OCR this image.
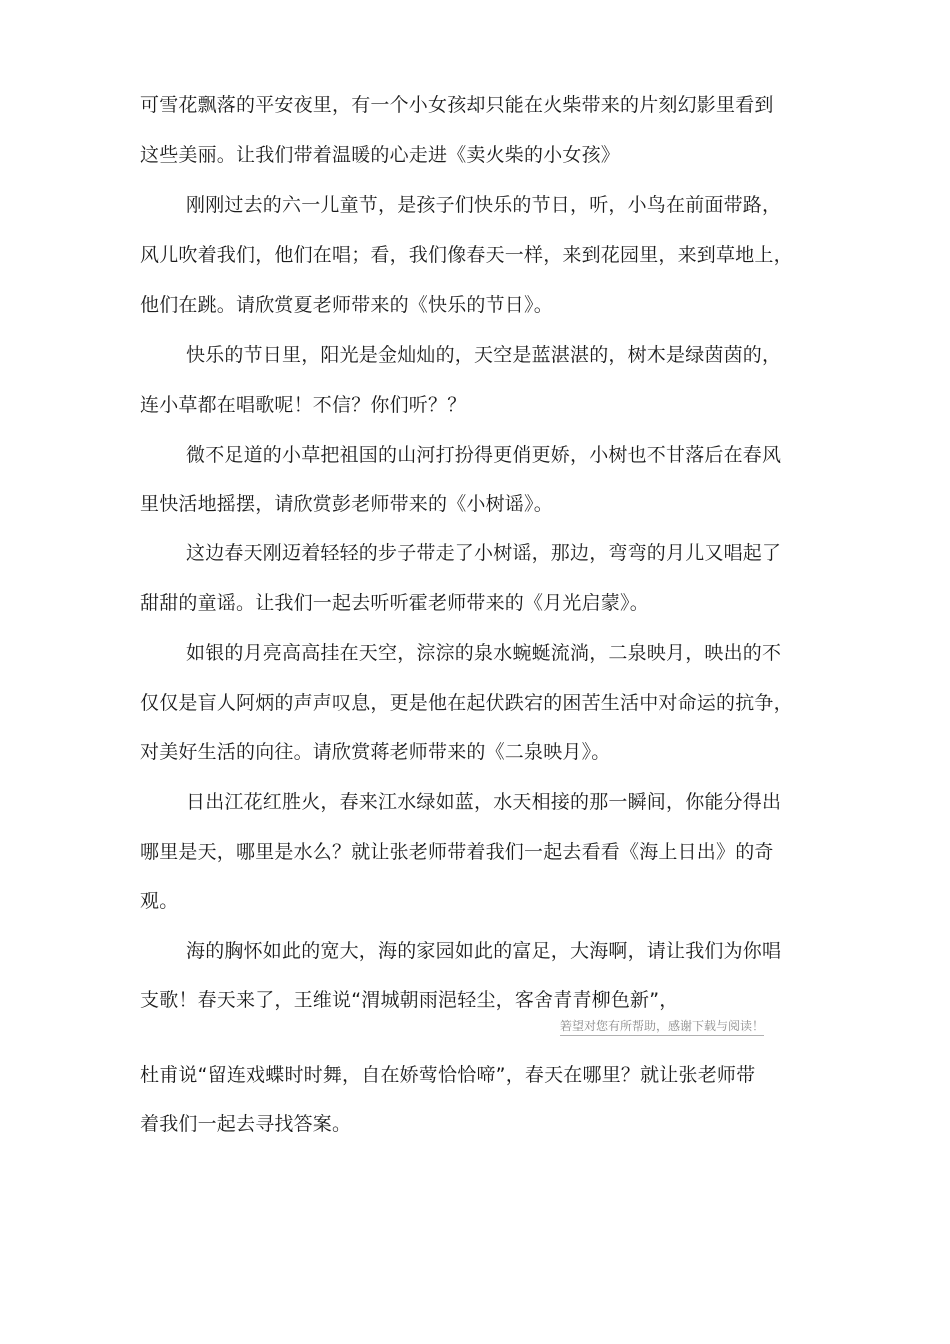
可雪花飘落的平安夜里，有一个小女孩却只能在火柴带来的片刻幻影里看到
这些美丽。让我们带着温暖的心走进《卖火柴的小女孩》
刚刚过去的六一儿童节，是孩子们快乐的节日，听，小鸟在前面带路，
风儿吹着我们，他们在唱；看，我们像春天一样，来到花园里，来到草地上，
他们在跳。请欣赏夏老师带来的《快乐的节日》。
快乐的节日里，阳光是金灿灿的，天空是蓝湛湛的，树木是绿茵茵的，
连小草都在唱歌呢！不信？你们听？？
微不足道的小草把祖国的山河打扮得更俏更娇，小树也不甘落后在春风
里快活地摇摆，请欣赏彭老师带来的《小树谣》。
这边春天刚迈着轻轻的步子带走了小树谣，那边，弯弯的月儿又唱起了
甜甜的童谣。让我们一起去听听霍老师带来的《月光启蒙》。
如银的月亮高高挂在天空，淙淙的泉水蜿蜒流淌，二泉映月，映出的不
仅仅是盲人阿炳的声声叹息，更是他在起伏跌宕的困苦生活中对命运的抗争，
对美好生活的向往。请欣赏蒋老师带来的《二泉映月》。
日出江花红胜火，春来江水绿如蓝，水天相接的那一瞬间，你能分得出
哪里是天，哪里是水么？就让张老师带着我们一起去看看《海上日出》的奇
观。
海的胸怀如此的宽大，海的家园如此的富足，大海啊，请让我们为你唱
支歌！春天来了，王维说“渭城朝雨浥轻尘，客舍青青柳色新”，
箬望对您有所帮助，感谢下载与阅读！
杜甫说“留连戏蝶时时舞，自在娇莺恰恰啼”，春天在哪里？就让张老师带
着我们一起去寻找答案。
